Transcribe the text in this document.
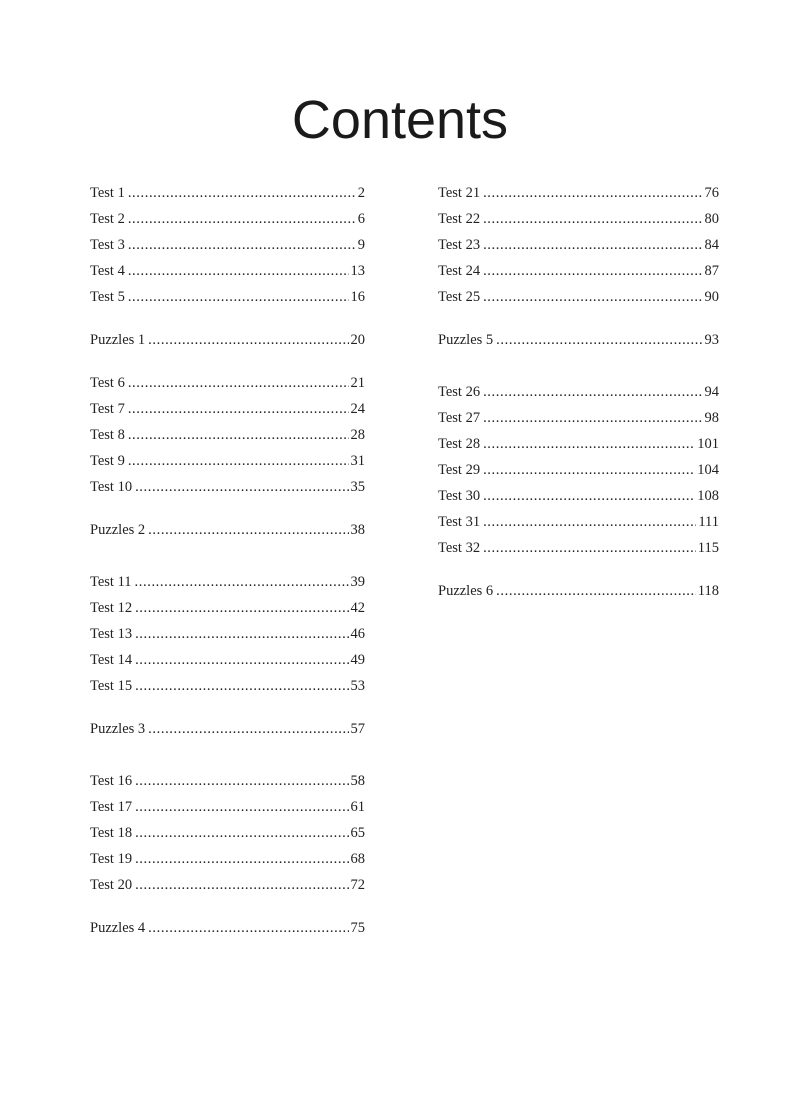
Contents
Test 1 .....	2
Test 2 .....	6
Test 3 .....	9
Test 4 .....	13
Test 5 .....	16
Puzzles 1 .....	20
Test 6 .....	21
Test 7 .....	24
Test 8 .....	28
Test 9 .....	31
Test 10 .....	35
Puzzles 2 .....	38
Test 11 .....	39
Test 12 .....	42
Test 13 .....	46
Test 14 .....	49
Test 15 .....	53
Puzzles 3 .....	57
Test 16 .....	58
Test 17 .....	61
Test 18 .....	65
Test 19 .....	68
Test 20 .....	72
Puzzles 4 .....	75
Test 21 .....	76
Test 22 .....	80
Test 23 .....	84
Test 24 .....	87
Test 25 .....	90
Puzzles 5 .....	93
Test 26 .....	94
Test 27 .....	98
Test 28 .....	101
Test 29 .....	104
Test 30 .....	108
Test 31 .....	111
Test 32 .....	115
Puzzles 6 .....	118
